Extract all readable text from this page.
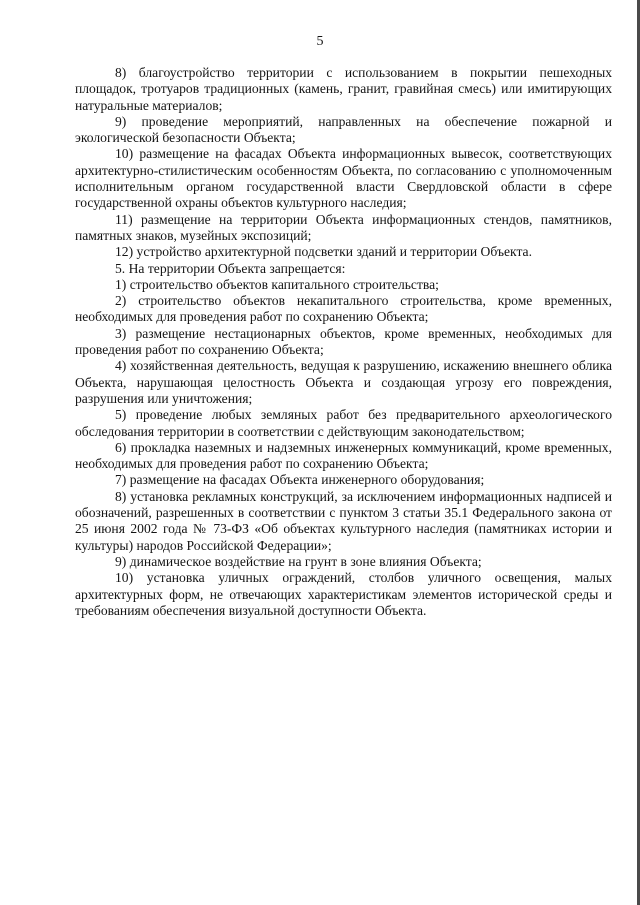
5

8) благоустройство территории с использованием в покрытии пешеходных площадок, тротуаров традиционных (камень, гранит, гравийная смесь) или имитирующих натуральные материалов;

9) проведение мероприятий, направленных на обеспечение пожарной и экологической безопасности Объекта;

10) размещение на фасадах Объекта информационных вывесок, соответствующих архитектурно-стилистическим особенностям Объекта, по согласованию с уполномоченным исполнительным органом государственной власти Свердловской области в сфере государственной охраны объектов культурного наследия;

11) размещение на территории Объекта информационных стендов, памятников, памятных знаков, музейных экспозиций;

12) устройство архитектурной подсветки зданий и территории Объекта.

5. На территории Объекта запрещается:

1) строительство объектов капитального строительства;

2) строительство объектов некапитального строительства, кроме временных, необходимых для проведения работ по сохранению Объекта;

3) размещение нестационарных объектов, кроме временных, необходимых для проведения работ по сохранению Объекта;

4) хозяйственная деятельность, ведущая к разрушению, искажению внешнего облика Объекта, нарушающая целостность Объекта и создающая угрозу его повреждения, разрушения или уничтожения;

5) проведение любых земляных работ без предварительного археологического обследования территории в соответствии с действующим законодательством;

6) прокладка наземных и надземных инженерных коммуникаций, кроме временных, необходимых для проведения работ по сохранению Объекта;

7) размещение на фасадах Объекта инженерного оборудования;

8) установка рекламных конструкций, за исключением информационных надписей и обозначений, разрешенных в соответствии с пунктом 3 статьи 35.1 Федерального закона от 25 июня 2002 года № 73-ФЗ «Об объектах культурного наследия (памятниках истории и культуры) народов Российской Федерации»;

9) динамическое воздействие на грунт в зоне влияния Объекта;

10) установка уличных ограждений, столбов уличного освещения, малых архитектурных форм, не отвечающих характеристикам элементов исторической среды и требованиям обеспечения визуальной доступности Объекта.
